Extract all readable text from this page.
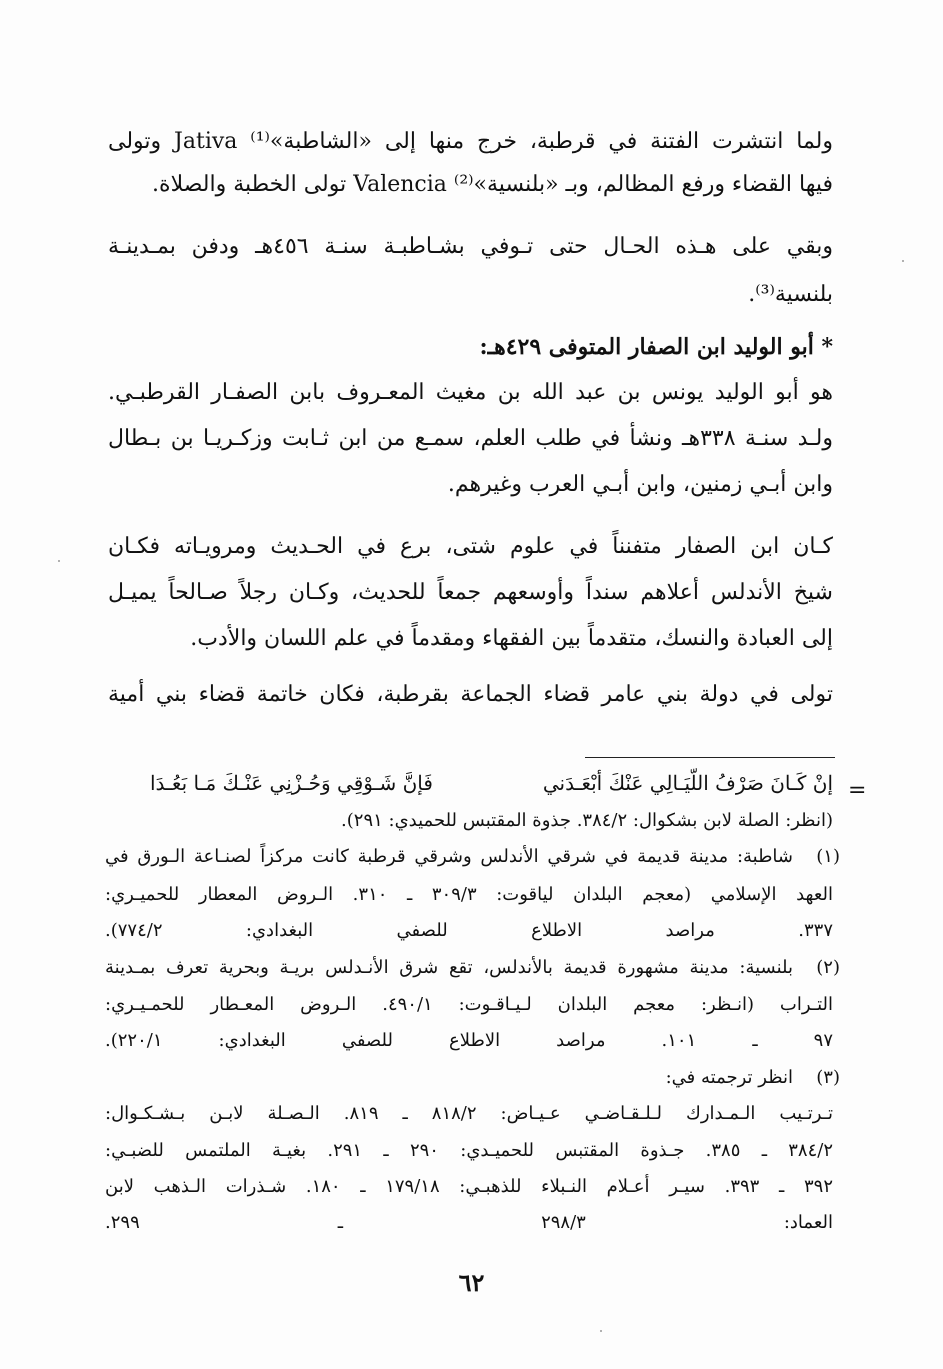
ولما انتشرت الفتنة في قرطبة، خرج منها إلى «الشاطبة»⁽¹⁾ Jativa وتولى

فيها القضاء ورفع المظالم، وبـ «بلنسية»⁽²⁾ Valencia تولى الخطبة والصلاة.

وبقي على هـذه الحـال حتى تـوفي بشـاطبـة سنـة ٤٥٦هـ ودفن بمـدينـة

بلنسية⁽³⁾.

* أبو الوليد ابن الصفار المتوفى ٤٢٩هـ:

هو أبو الوليد يونس بن عبد الله بن مغيث المعـروف بابن الصفـار القرطبـي.

ولـد سنـة ٣٣٨هـ ونشأ في طلب العلم، سمـع من ابن ثـابت وزكـريـا بن بـطال

وابن أبـي زمنين، وابن أبـي العرب وغيرهم.

كـان ابن الصفار متفنناً في علوم شتى، برع في الحـديث ومرويـاته فكـان

شيخ الأندلس أعلاهم سنداً وأوسعهم جمعاً للحديث، وكـان رجلاً صـالحاً يميـل

إلى العبادة والنسك، متقدماً بين الفقهاء ومقدماً في علم اللسان والأدب.

تولى في دولة بني عامر قضاء الجماعة بقرطبة، فكان خاتمة قضاء بني أمية

=
إنْ كَـانَ صَرْفُ اللّيَـالِي عَنْكَ أبْعَـدَني
فَإنَّ شَـوْقِي وَحُـزْنِي عَنْـكَ مَـا بَعُـدَا

(انظر: الصلة لابن بشكوال: ٣٨٤/٢. جذوة المقتبس للحميدي: ٢٩١).

(١)

شاطبة: مدينة قديمة في شرقي الأندلس وشرقي قرطبة كانت مركزاً لصنـاعة الـورق في

العهد الإسلامي (معجم البلدان لياقوت: ٣٠٩/٣ ـ ٣١٠. الـروض المعطار للحميـري:

٣٣٧. مراصد الاطلاع للصفي البغدادي: ٧٧٤/٢).

(٢)

بلنسية: مدينة مشهورة قديمة بالأندلس، تقع شرق الأنـدلس بريـة وبحرية تعرف بمـدينة

التـراب (انـظر: معجم البلدان لـيـاقـوت: ٤٩٠/١. الـروض المعـطار للحمـيـري:

٩٧ ـ ١٠١. مراصد الاطلاع للصفي البغدادي: ٢٢٠/١).

(٣)

انظر ترجمته في:

تـرتـيب الـمـدارك لـلـقـاضـي عـيـاض: ٨١٨/٢ ـ ٨١٩. الـصـلة لابـن بـشـكـوال:

٣٨٤/٢ ـ ٣٨٥. جـذوة المقتبس للحميـدي: ٢٩٠ ـ ٢٩١. بغيـة الملتمس للضبـي:

٣٩٢ ـ ٣٩٣. سيـر أعـلام النـبلاء للذهبـي: ١٧٩/١٨ ـ ١٨٠. شـذرات الـذهب لابن

العماد: ٢٩٨/٣ ـ ٢٩٩.

٦٢
